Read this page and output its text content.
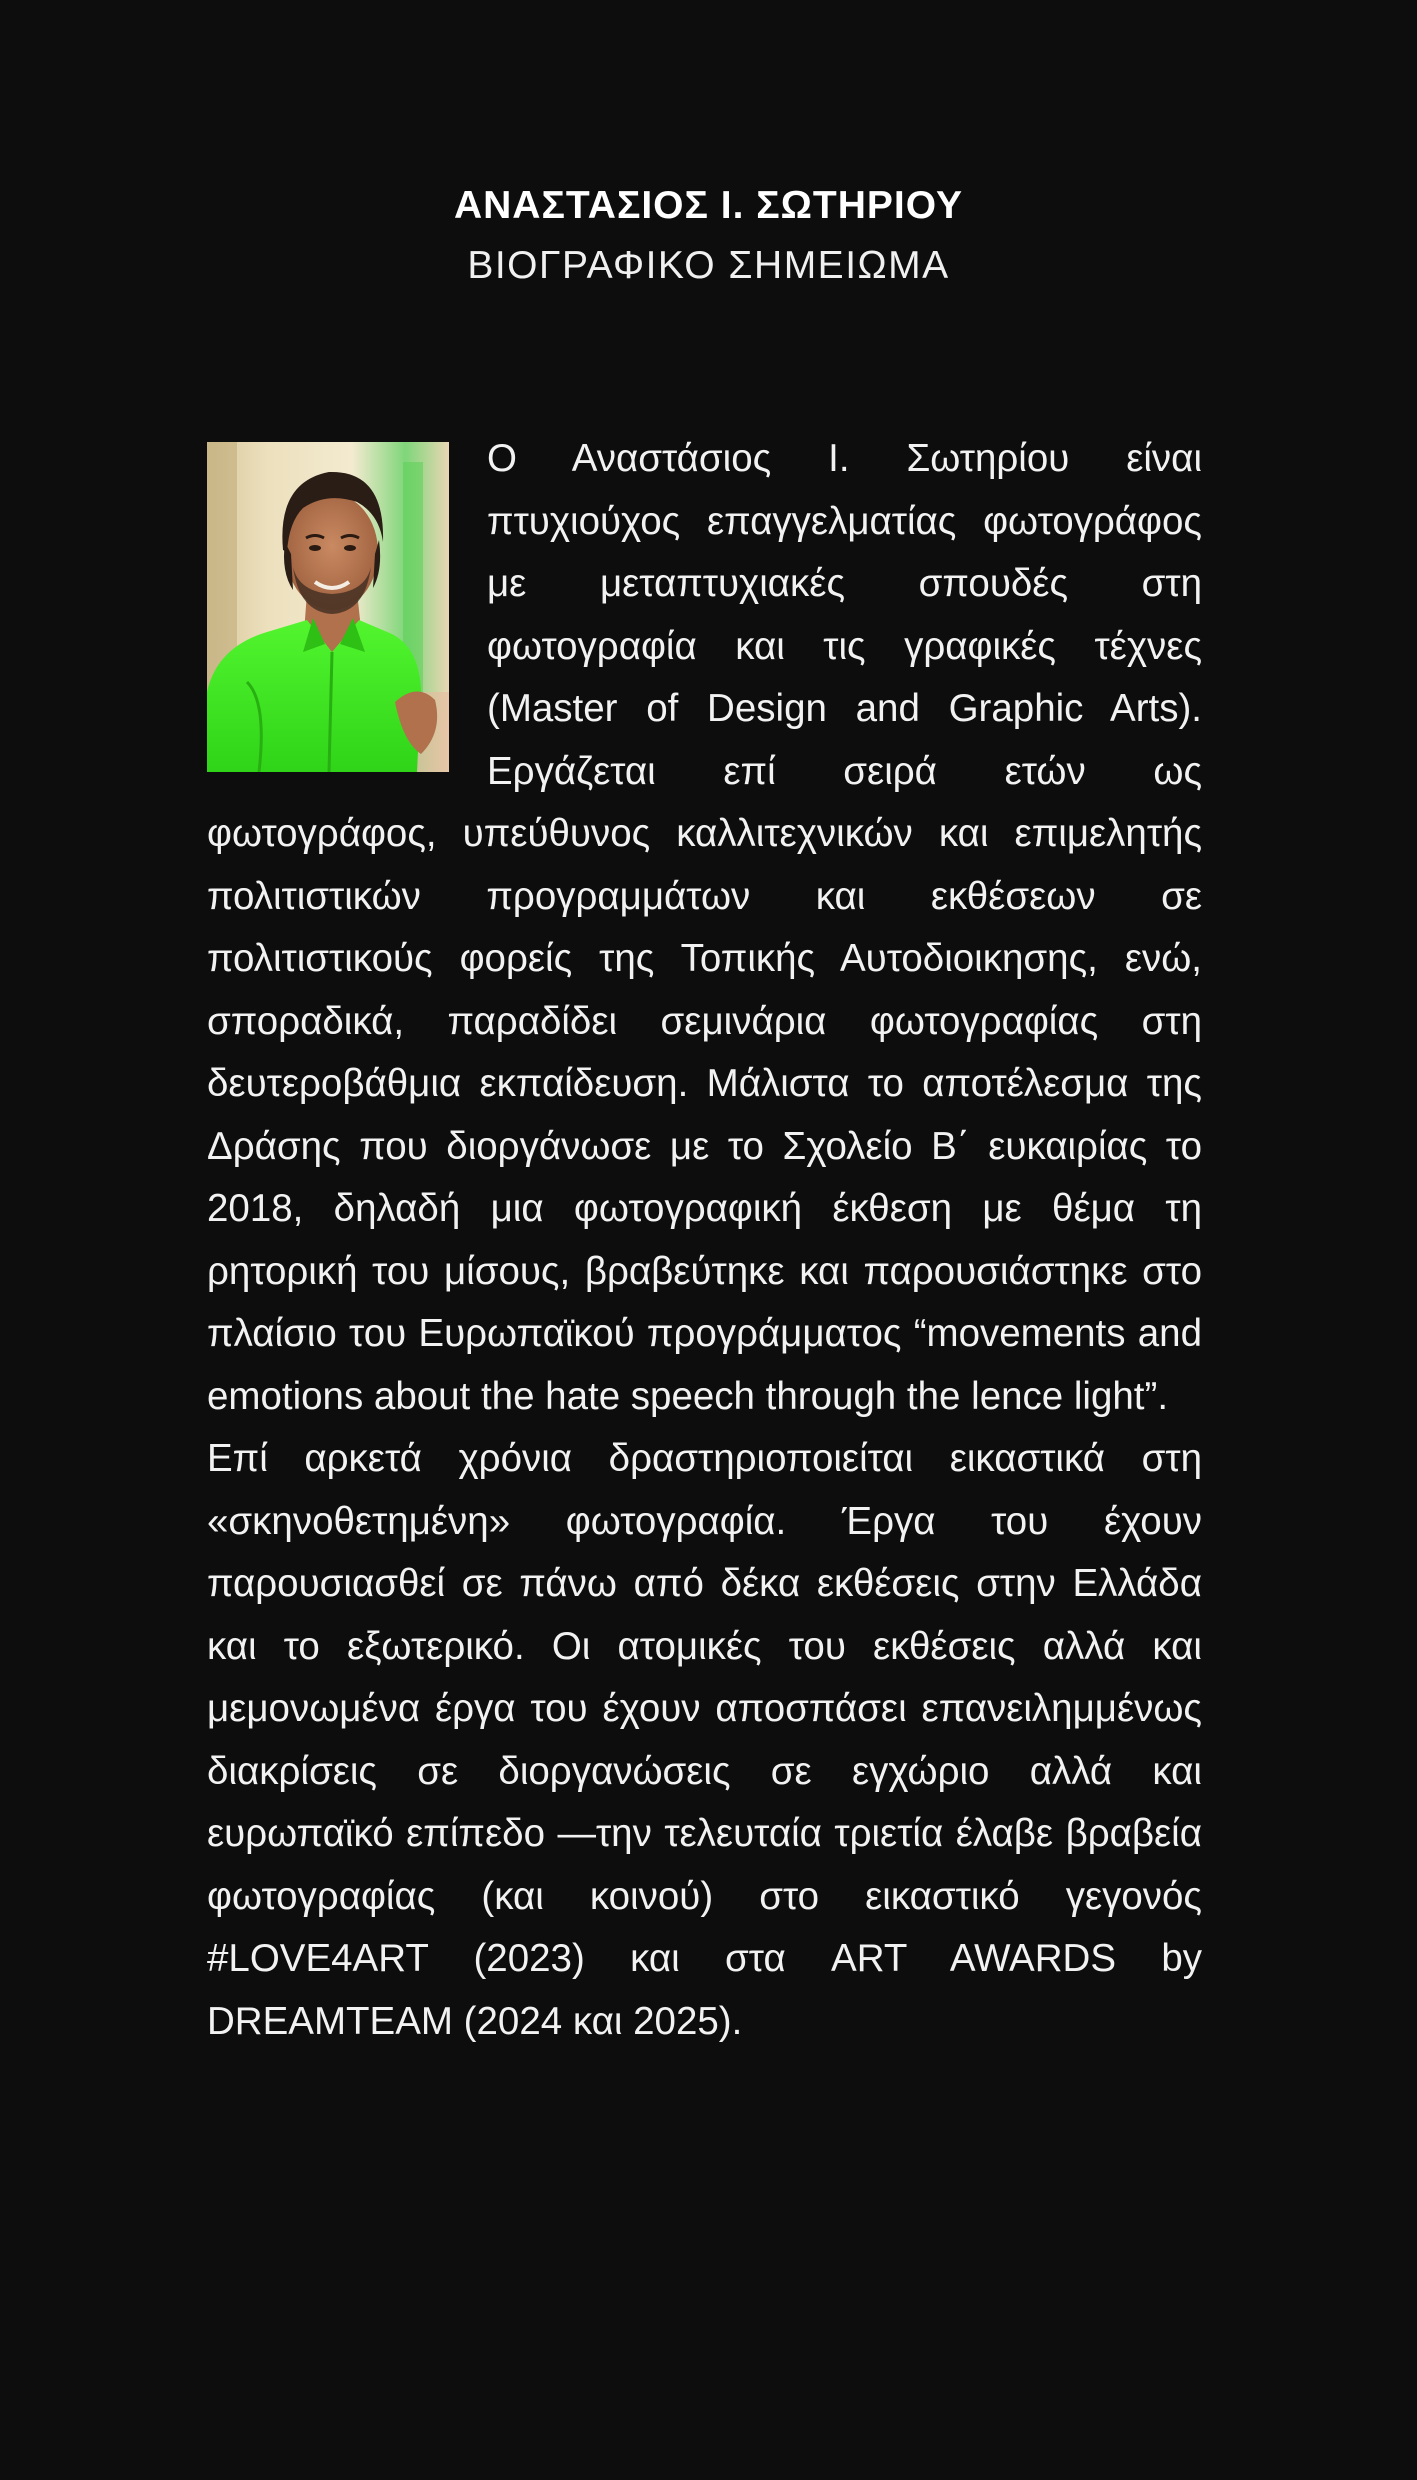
ΑΝΑΣΤΑΣΙΟΣ Ι. ΣΩΤΗΡΙΟΥ
ΒΙΟΓΡΑΦΙΚΟ ΣΗΜΕΙΩΜΑ

Ο Αναστάσιος Ι. Σωτηρίου είναι πτυχιούχος επαγγελματίας φωτογράφος με μεταπτυχιακές σπουδές στη φωτογραφία και τις γραφικές τέχνες (Master of Design and Graphic Arts). Εργάζεται επί σειρά ετών ως φωτογράφος, υπεύθυνος καλλιτεχνικών και επιμελητής πολιτιστικών προγραμμάτων και εκθέσεων σε πολιτιστικούς φορείς της Τοπικής Αυτοδιοικησης, ενώ, σποραδικά, παραδίδει σεμινάρια φωτογραφίας στη δευτεροβάθμια εκπαίδευση. Μάλιστα το αποτέλεσμα της Δράσης που διοργάνωσε με το Σχολείο Β΄ ευκαιρίας το 2018, δηλαδή μια φωτογραφική έκθεση με θέμα τη ρητορική του μίσους, βραβεύτηκε και παρουσιάστηκε στο πλαίσιο του Ευρωπαϊκού προγράμματος “movements and emotions about the hate speech through the lence light”.

Επί αρκετά χρόνια δραστηριοποιείται εικαστικά στη «σκηνοθετημένη» φωτογραφία. Έργα του έχουν παρουσιασθεί σε πάνω από δέκα εκθέσεις στην Ελλάδα και το εξωτερικό. Οι ατομικές του εκθέσεις αλλά και μεμονωμένα έργα του έχουν αποσπάσει επανειλημμένως διακρίσεις σε διοργανώσεις σε εγχώριο αλλά και ευρωπαϊκό επίπεδο —την τελευταία τριετία έλαβε βραβεία φωτογραφίας (και κοινού) στο εικαστικό γεγονός #LOVE4ART (2023) και στα ART AWARDS by DREAMTEAM (2024 και 2025).
